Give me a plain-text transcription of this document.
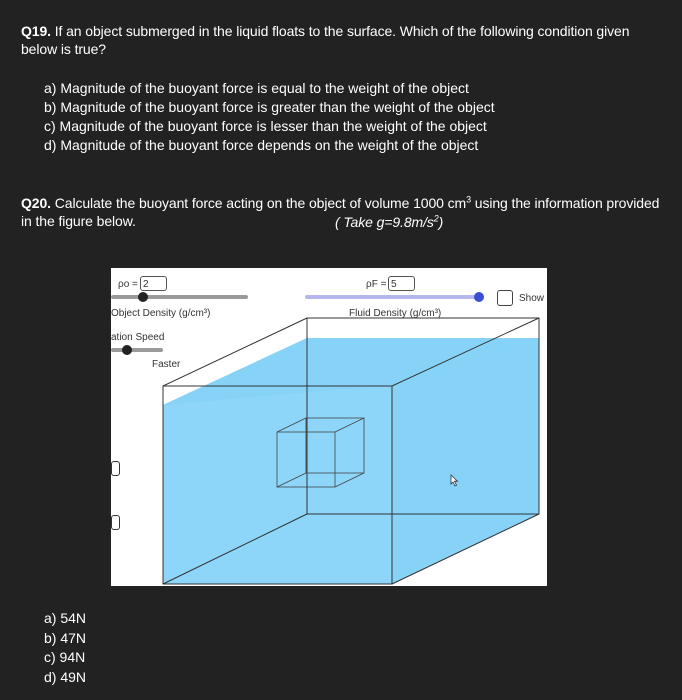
Q19. If an object submerged in the liquid floats to the surface. Which of the following condition given below is true?
a) Magnitude of the buoyant force is equal to the weight of the object
b) Magnitude of the buoyant force is greater than the weight of the object
c) Magnitude of the buoyant force is lesser than the weight of the object
d) Magnitude of the buoyant force depends on the weight of the object
Q20. Calculate the buoyant force acting on the object of volume 1000 $cm^3$ using the information provided in the figure below.	( Take $g=9.8m/s^2$)
ρo = 2
Object Density (g/cm³)
ation Speed
Faster
ρF = 5
Fluid Density (g/cm³)
Show
a) 54N
b) 47N
c) 94N
d) 49N
